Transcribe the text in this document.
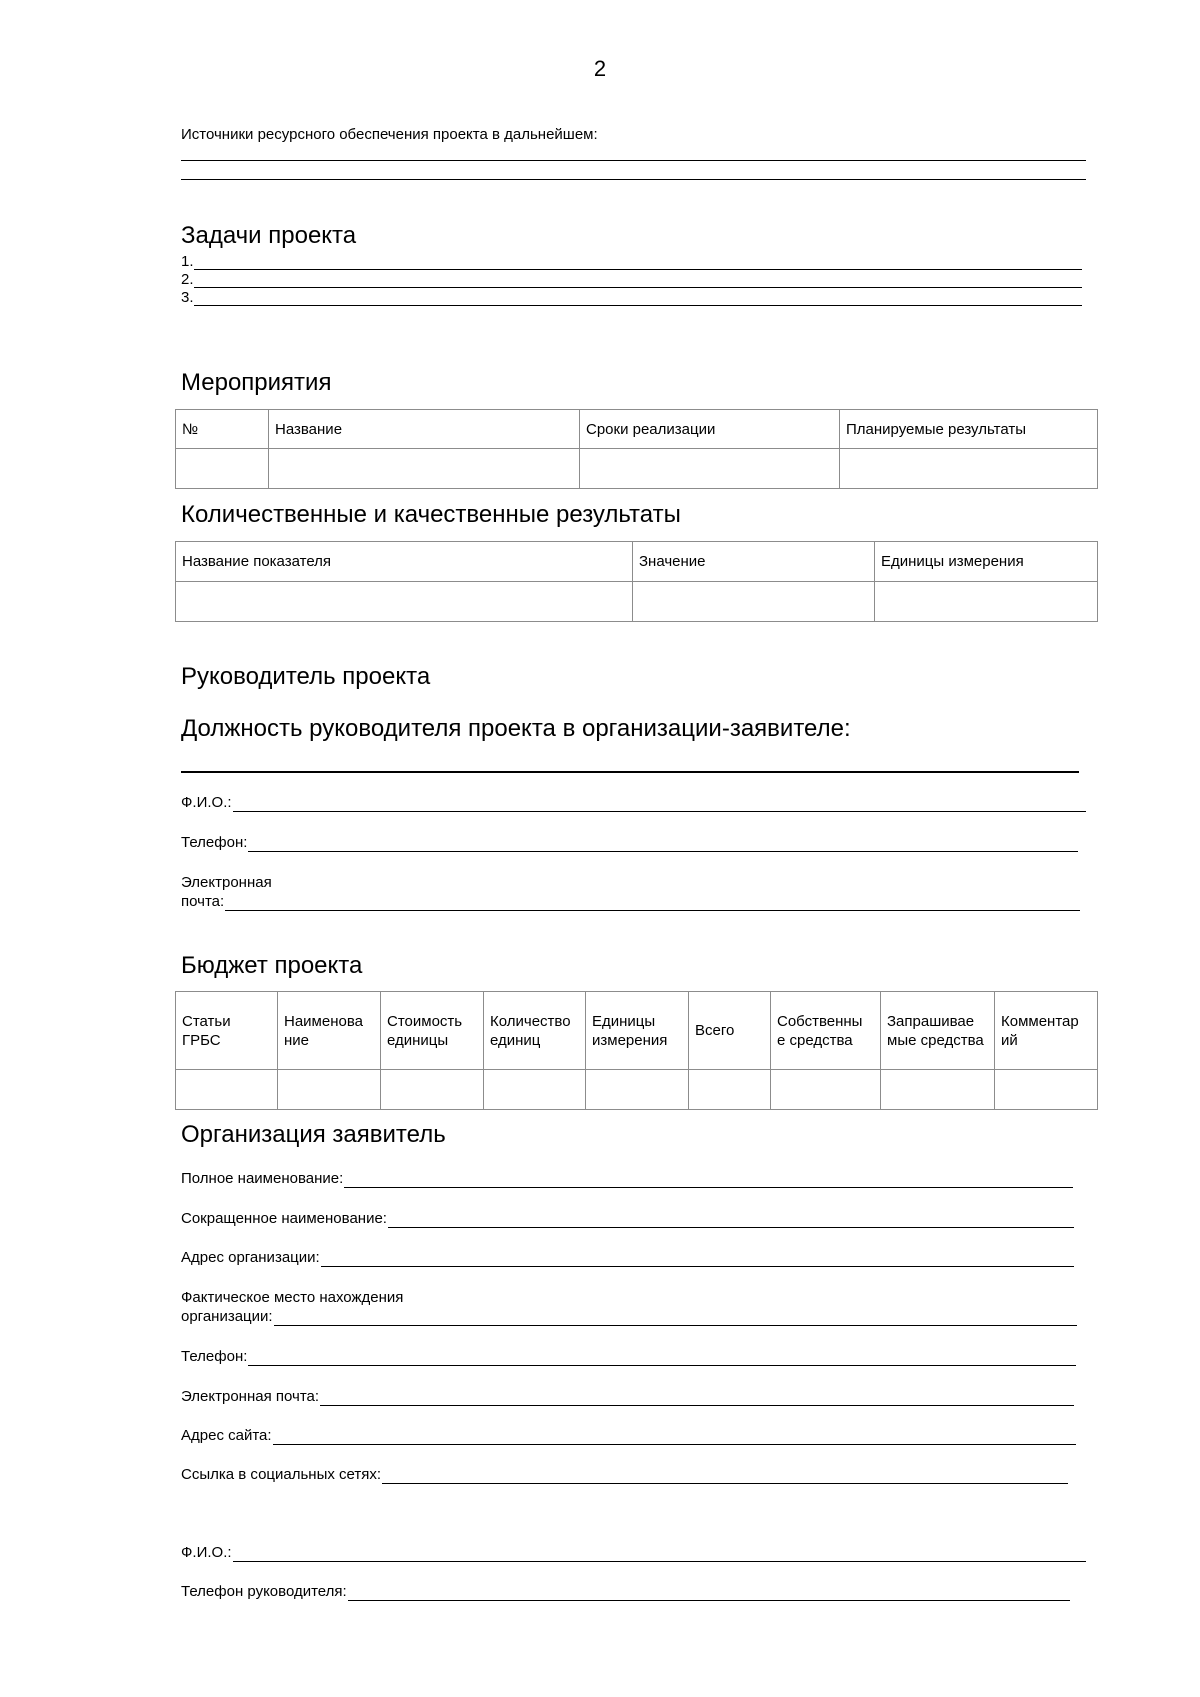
2
Источники ресурсного обеспечения проекта в дальнейшем:
Задачи проекта
1.
2.
3.
Мероприятия
№	Название	Сроки реализации	Планируемые результаты

Количественные и качественные результаты
Название показателя	Значение	Единицы измерения

Руководитель проекта
Должность руководителя проекта в организации-заявителе:
Ф.И.О.:
Телефон:
Электронная
почта:
Бюджет проекта
Статьи ГРБС	Наименова ние	Стоимость единицы	Количество единиц	Единицы измерения	Всего	Собственны е средства	Запрашивае мые средства	Комментар ий

Организация заявитель
Полное наименование:
Сокращенное наименование:
Адрес организации:
Фактическое место нахождения
организации:
Телефон:
Электронная почта:
Адрес сайта:
Ссылка в социальных сетях:
Ф.И.О.:
Телефон руководителя:
